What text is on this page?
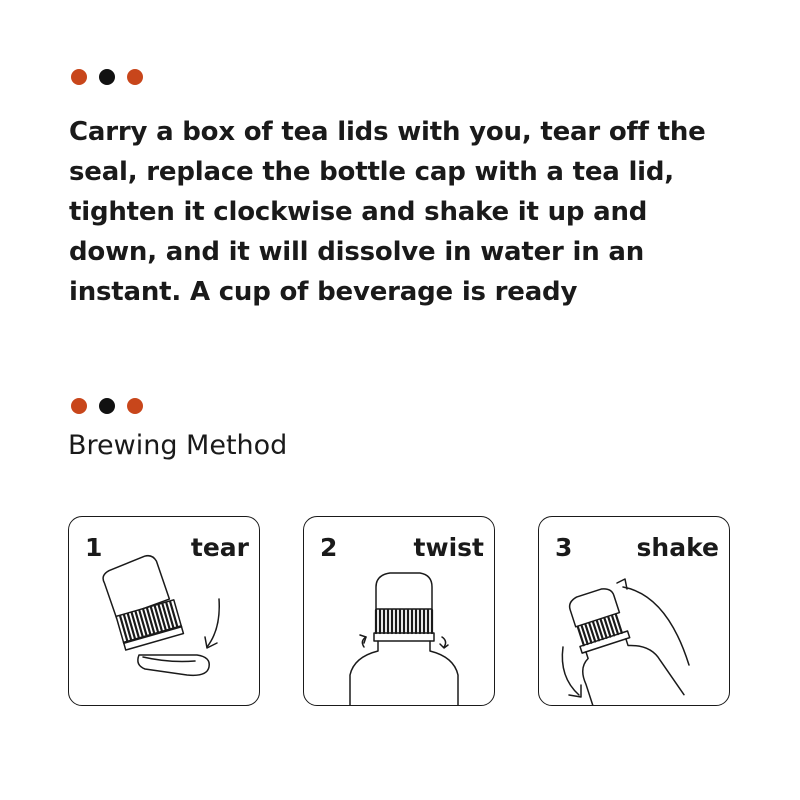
Carry a box of tea lids with you, tear off the seal, replace the bottle cap with a tea lid, tighten it clockwise and shake it up and down, and it will dissolve in water in an instant. A cup of beverage is ready

Brewing Method
1	tear	2	twist	3	shake
